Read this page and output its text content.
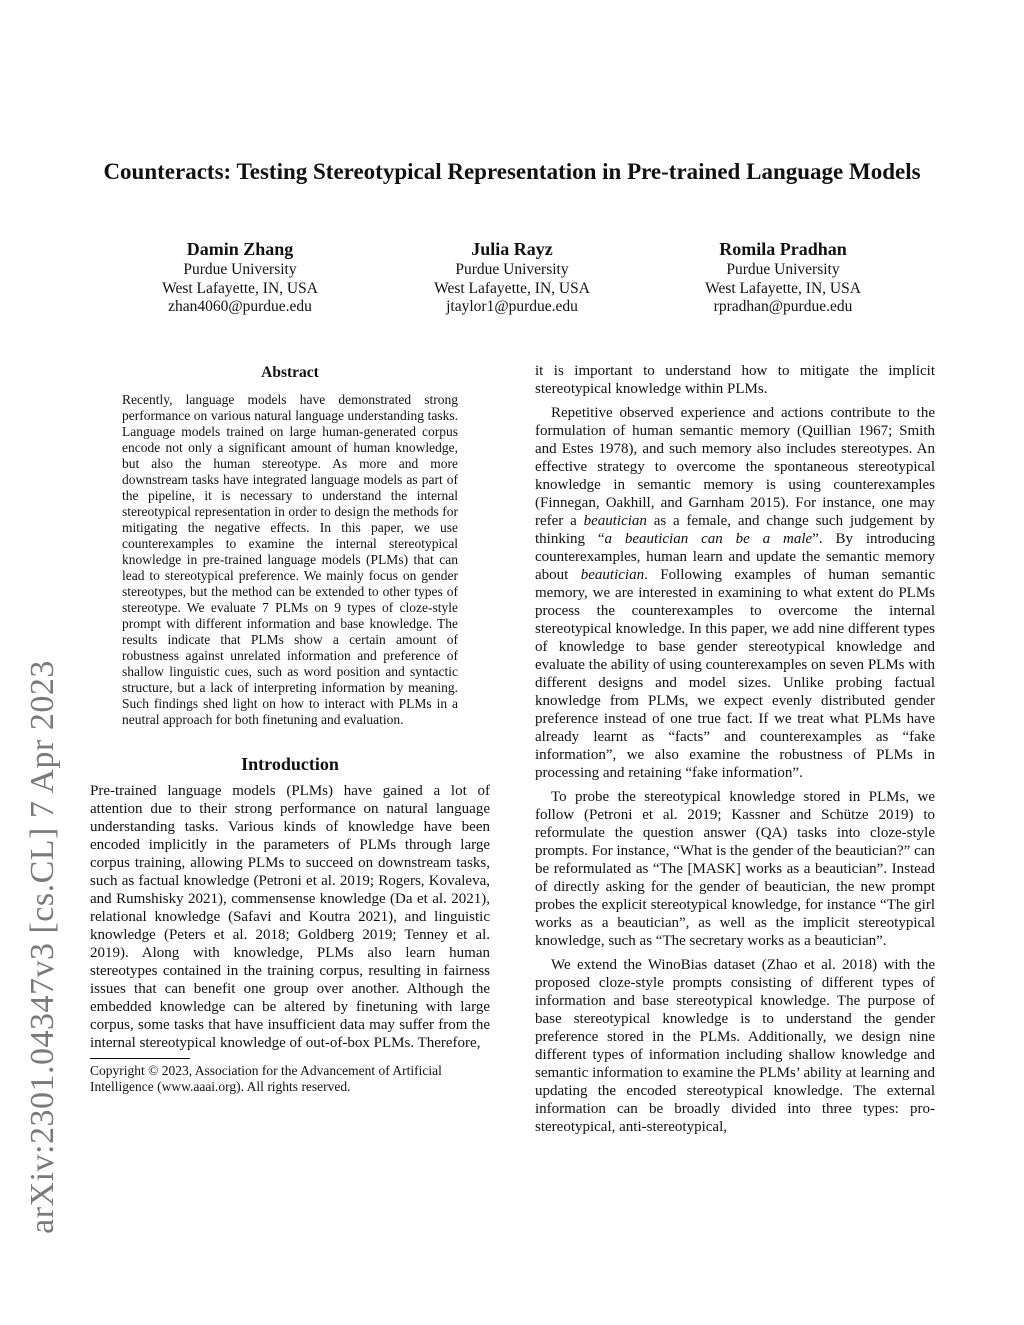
arXiv:2301.04347v3 [cs.CL] 7 Apr 2023
Counteracts: Testing Stereotypical Representation in Pre-trained Language Models
Damin Zhang
Purdue University
West Lafayette, IN, USA
zhan4060@purdue.edu
Julia Rayz
Purdue University
West Lafayette, IN, USA
jtaylor1@purdue.edu
Romila Pradhan
Purdue University
West Lafayette, IN, USA
rpradhan@purdue.edu
Abstract

Recently, language models have demonstrated strong performance on various natural language understanding tasks. Language models trained on large human-generated corpus encode not only a significant amount of human knowledge, but also the human stereotype. As more and more downstream tasks have integrated language models as part of the pipeline, it is necessary to understand the internal stereotypical representation in order to design the methods for mitigating the negative effects. In this paper, we use counterexamples to examine the internal stereotypical knowledge in pre-trained language models (PLMs) that can lead to stereotypical preference. We mainly focus on gender stereotypes, but the method can be extended to other types of stereotype. We evaluate 7 PLMs on 9 types of cloze-style prompt with different information and base knowledge. The results indicate that PLMs show a certain amount of robustness against unrelated information and preference of shallow linguistic cues, such as word position and syntactic structure, but a lack of interpreting information by meaning. Such findings shed light on how to interact with PLMs in a neutral approach for both finetuning and evaluation.

Introduction

Pre-trained language models (PLMs) have gained a lot of attention due to their strong performance on natural language understanding tasks. Various kinds of knowledge have been encoded implicitly in the parameters of PLMs through large corpus training, allowing PLMs to succeed on downstream tasks, such as factual knowledge (Petroni et al. 2019; Rogers, Kovaleva, and Rumshisky 2021), commensense knowledge (Da et al. 2021), relational knowledge (Safavi and Koutra 2021), and linguistic knowledge (Peters et al. 2018; Goldberg 2019; Tenney et al. 2019). Along with knowledge, PLMs also learn human stereotypes contained in the training corpus, resulting in fairness issues that can benefit one group over another. Although the embedded knowledge can be altered by finetuning with large corpus, some tasks that have insufficient data may suffer from the internal stereotypical knowledge of out-of-box PLMs. Therefore,

Copyright © 2023, Association for the Advancement of Artificial Intelligence (www.aaai.org). All rights reserved.

it is important to understand how to mitigate the implicit stereotypical knowledge within PLMs.

Repetitive observed experience and actions contribute to the formulation of human semantic memory (Quillian 1967; Smith and Estes 1978), and such memory also includes stereotypes. An effective strategy to overcome the spontaneous stereotypical knowledge in semantic memory is using counterexamples (Finnegan, Oakhill, and Garnham 2015). For instance, one may refer a beautician as a female, and change such judgement by thinking “a beautician can be a male”. By introducing counterexamples, human learn and update the semantic memory about beautician. Following examples of human semantic memory, we are interested in examining to what extent do PLMs process the counterexamples to overcome the internal stereotypical knowledge. In this paper, we add nine different types of knowledge to base gender stereotypical knowledge and evaluate the ability of using counterexamples on seven PLMs with different designs and model sizes. Unlike probing factual knowledge from PLMs, we expect evenly distributed gender preference instead of one true fact. If we treat what PLMs have already learnt as “facts” and counterexamples as “fake information”, we also examine the robustness of PLMs in processing and retaining “fake information”.

To probe the stereotypical knowledge stored in PLMs, we follow (Petroni et al. 2019; Kassner and Schütze 2019) to reformulate the question answer (QA) tasks into cloze-style prompts. For instance, “What is the gender of the beautician?” can be reformulated as “The [MASK] works as a beautician”. Instead of directly asking for the gender of beautician, the new prompt probes the explicit stereotypical knowledge, for instance “The girl works as a beautician”, as well as the implicit stereotypical knowledge, such as “The secretary works as a beautician”.

We extend the WinoBias dataset (Zhao et al. 2018) with the proposed cloze-style prompts consisting of different types of information and base stereotypical knowledge. The purpose of base stereotypical knowledge is to understand the gender preference stored in the PLMs. Additionally, we design nine different types of information including shallow knowledge and semantic information to examine the PLMs’ ability at learning and updating the encoded stereotypical knowledge. The external information can be broadly divided into three types: pro-stereotypical, anti-stereotypical,
